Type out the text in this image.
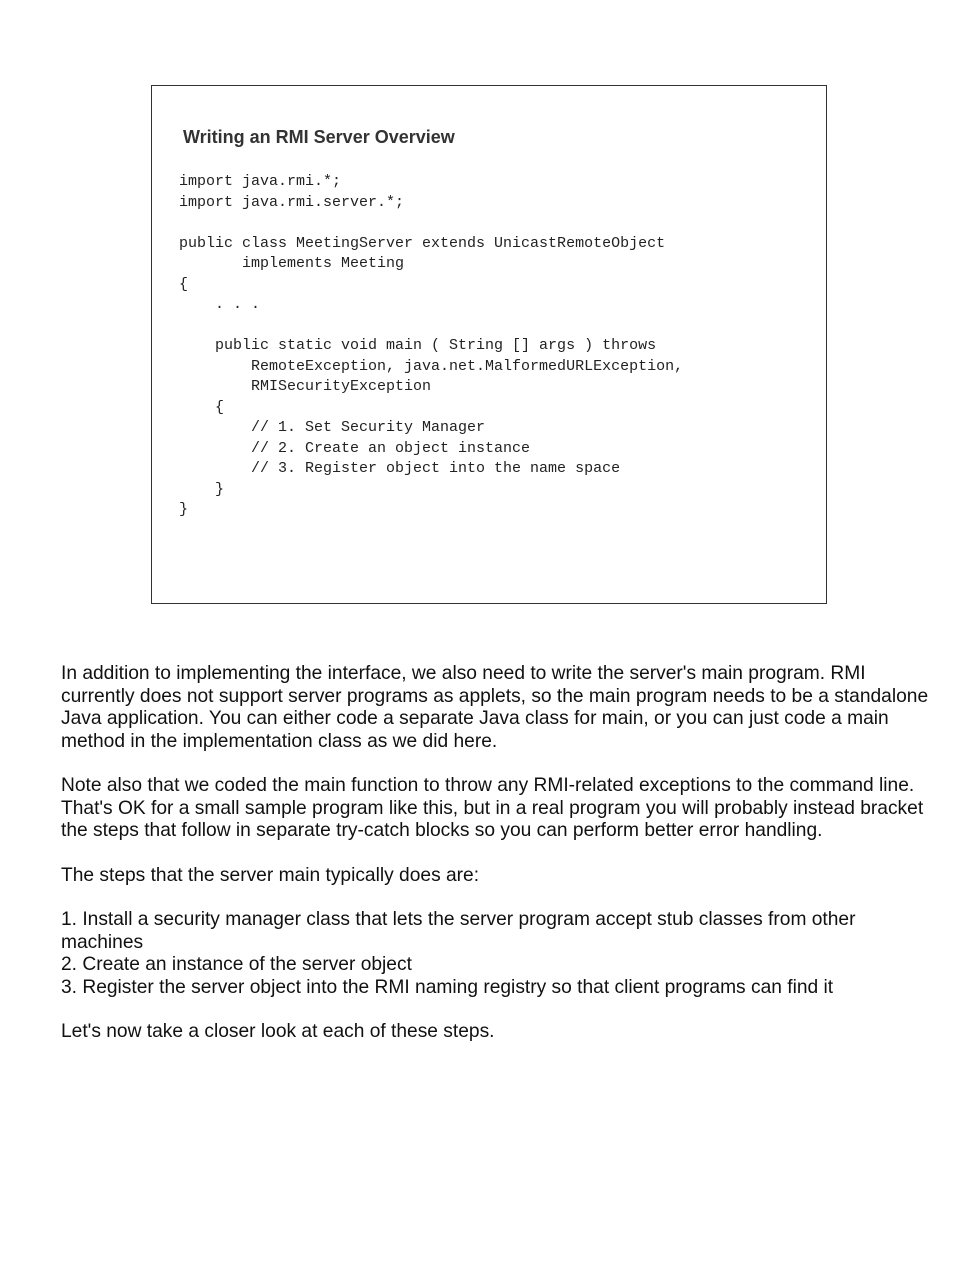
Writing an RMI Server Overview
import java.rmi.*;
import java.rmi.server.*;
public class MeetingServer extends UnicastRemoteObject
implements Meeting
{
. . .
public static void main ( String [] args ) throws
RemoteException, java.net.MalformedURLException,
RMISecurityException
{
// 1. Set Security Manager
// 2. Create an object instance
// 3. Register object into the name space
}
}

In addition to implementing the interface, we also need to write the server's main program. RMI currently does not support server programs as applets, so the main program needs to be a standalone Java application. You can either code a separate Java class for main, or you can just code a main method in the implementation class as we did here.

Note also that we coded the main function to throw any RMI-related exceptions to the command line. That's OK for a small sample program like this, but in a real program you will probably instead bracket the steps that follow in separate try-catch blocks so you can perform better error handling.

The steps that the server main typically does are:

1. Install a security manager class that lets the server program accept stub classes from other machines

2. Create an instance of the server object

3. Register the server object into the RMI naming registry so that client programs can find it

Let's now take a closer look at each of these steps.
